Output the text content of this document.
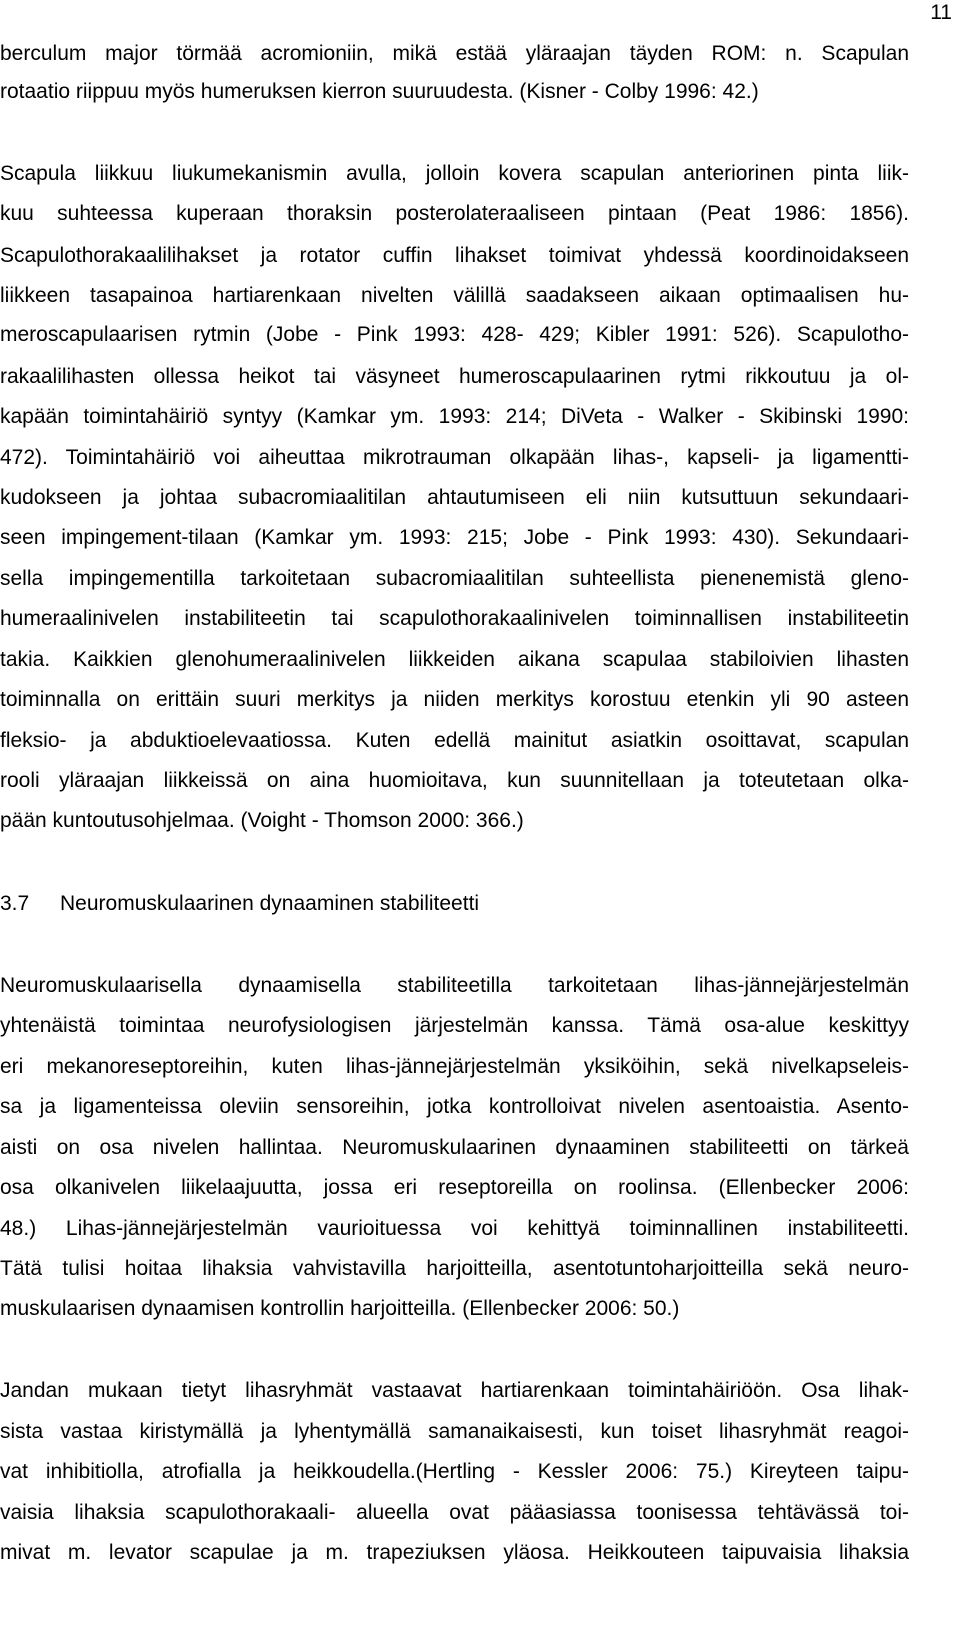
11
berculum major törmää acromioniin, mikä estää yläraajan täyden ROM: n. Scapulan
rotaatio riippuu myös humeruksen kierron suuruudesta. (Kisner - Colby 1996: 42.)
Scapula liikkuu liukumekanismin avulla, jolloin kovera scapulan anteriorinen pinta liik-
kuu suhteessa kuperaan thoraksin posterolateraaliseen pintaan (Peat 1986: 1856).
Scapulothorakaalilihakset ja rotator cuffin lihakset toimivat yhdessä koordinoidakseen
liikkeen tasapainoa hartiarenkaan nivelten välillä saadakseen aikaan optimaalisen hu-
meroscapulaarisen rytmin (Jobe - Pink 1993: 428- 429; Kibler 1991: 526). Scapulotho-
rakaalilihasten ollessa heikot tai väsyneet humeroscapulaarinen rytmi rikkoutuu ja ol-
kapään toimintahäiriö syntyy (Kamkar ym. 1993: 214; DiVeta - Walker - Skibinski 1990:
472). Toimintahäiriö voi aiheuttaa mikrotrauman olkapään lihas-, kapseli- ja ligamentti-
kudokseen ja johtaa subacromiaalitilan ahtautumiseen eli niin kutsuttuun sekundaari-
seen impingement-tilaan (Kamkar ym. 1993: 215; Jobe - Pink 1993: 430). Sekundaari-
sella impingementilla tarkoitetaan subacromiaalitilan suhteellista pienenemistä gleno-
humeraalinivelen instabiliteetin tai scapulothorakaalinivelen toiminnallisen instabiliteetin
takia. Kaikkien glenohumeraalinivelen liikkeiden aikana scapulaa stabiloivien lihasten
toiminnalla on erittäin suuri merkitys ja niiden merkitys korostuu etenkin yli 90 asteen
fleksio- ja abduktioelevaatiossa. Kuten edellä mainitut asiatkin osoittavat, scapulan
rooli yläraajan liikkeissä on aina huomioitava, kun suunnitellaan ja toteutetaan olka-
pään kuntoutusohjelmaa. (Voight - Thomson 2000: 366.)
3.7 Neuromuskulaarinen dynaaminen stabiliteetti
Neuromuskulaarisella dynaamisella stabiliteetilla tarkoitetaan lihas-jännejärjestelmän
yhtenäistä toimintaa neurofysiologisen järjestelmän kanssa. Tämä osa-alue keskittyy
eri mekanoreseptoreihin, kuten lihas-jännejärjestelmän yksiköihin, sekä nivelkapseleis-
sa ja ligamenteissa oleviin sensoreihin, jotka kontrolloivat nivelen asentoaistia. Asento-
aisti on osa nivelen hallintaa. Neuromuskulaarinen dynaaminen stabiliteetti on tärkeä
osa olkanivelen liikelaajuutta, jossa eri reseptoreilla on roolinsa. (Ellenbecker 2006:
48.) Lihas-jännejärjestelmän vaurioituessa voi kehittyä toiminnallinen instabiliteetti.
Tätä tulisi hoitaa lihaksia vahvistavilla harjoitteilla, asentotuntoharjoitteilla sekä neuro-
muskulaarisen dynaamisen kontrollin harjoitteilla. (Ellenbecker 2006: 50.)
Jandan mukaan tietyt lihasryhmät vastaavat hartiarenkaan toimintahäiriöön. Osa lihak-
sista vastaa kiristymällä ja lyhentymällä samanaikaisesti, kun toiset lihasryhmät reagoi-
vat inhibitiolla, atrofialla ja heikkoudella.(Hertling - Kessler 2006: 75.) Kireyteen taipu-
vaisia lihaksia scapulothorakaali- alueella ovat pääasiassa toonisessa tehtävässä toi-
mivat m. levator scapulae ja m. trapeziuksen yläosa. Heikkouteen taipuvaisia lihaksia
